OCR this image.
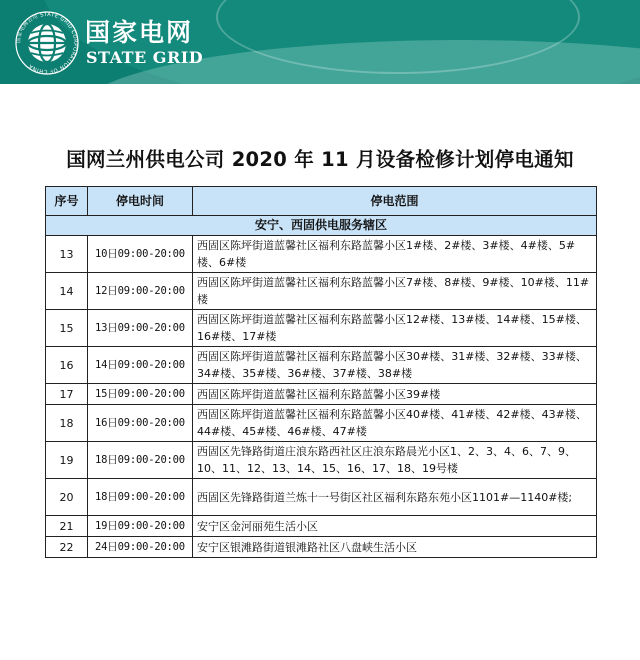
国家电网公司 STATE GRID CORPORATION OF CHINA
国家电网
STATE GRID
国网兰州供电公司 2020 年 11 月设备检修计划停电通知
序号	停电时间	停电范围
安宁、西固供电服务辖区		
13	10日09:00-20:00	西固区陈坪街道蓝馨社区福利东路蓝馨小区1#楼、2#楼、3#楼、4#楼、5#楼、6#楼
14	12日09:00-20:00	西固区陈坪街道蓝馨社区福利东路蓝馨小区7#楼、8#楼、9#楼、10#楼、11#楼
15	13日09:00-20:00	西固区陈坪街道蓝馨社区福利东路蓝馨小区12#楼、13#楼、14#楼、15#楼、16#楼、17#楼
16	14日09:00-20:00	西固区陈坪街道蓝馨社区福利东路蓝馨小区30#楼、31#楼、32#楼、33#楼、34#楼、35#楼、36#楼、37#楼、38#楼
17	15日09:00-20:00	西固区陈坪街道蓝馨社区福利东路蓝馨小区39#楼
18	16日09:00-20:00	西固区陈坪街道蓝馨社区福利东路蓝馨小区40#楼、41#楼、42#楼、43#楼、44#楼、45#楼、46#楼、47#楼
19	18日09:00-20:00	西固区先锋路街道庄浪东路西社区庄浪东路晨光小区1、2、3、4、6、7、9、10、11、12、13、14、15、16、17、18、19号楼
20	18日09:00-20:00	西固区先锋路街道兰炼十一号街区社区福利东路东苑小区1101#—1140#楼;
21	19日09:00-20:00	安宁区金河丽苑生活小区
22	24日09:00-20:00	安宁区银滩路街道银滩路社区八盘峡生活小区
